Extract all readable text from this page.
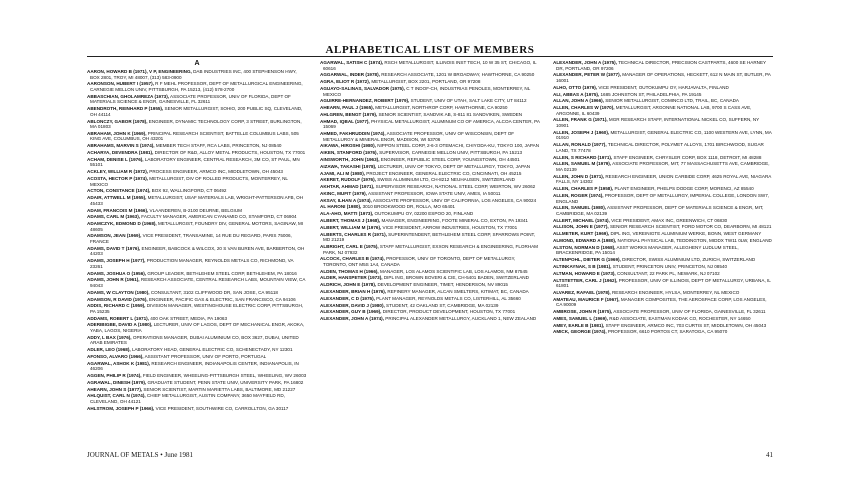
ALPHABETICAL LIST OF MEMBERS
A
AARON, HOWARD B (1971), V P, ENGINEERING, DAB INDUSTRIES INC, 400 STEPHENSON HWY, BOX 2801, TROY, MI 48007, (313) 583-0900
AARONSON, HUBERT I (1957), R F MEHL PROFESSOR, DEPT OF METALLURGICAL ENGINEERING, CARNEGIE MELLON UNIV, PITTSBURGH, PA 15213, (412) 578-2700
ABBASCHIAN, GHOLAMREZA (1973), ASSOCIATE PROFESSOR, UNIV OF FLORIDA, DEPT OF MATERIALS SCIENCE & ENGR, GAINESVILLE, FL 32611
ABENDROTH, REINHARD P (1955), SENIOR METALLURGIST, SOHIO, 200 PUBLIC SQ, CLEVELAND, OH 44114
ABLONCZY, GABOR (1978), ENGINEER, DYNAMIC TECHNOLOGY CORP, 3 STREET, BURLINGTON, MA 01803
ABRAHAM, JOHN K (1969), PRINCIPAL RESEARCH SCIENTIST, BATTELLE COLUMBUS LABS, 505 KING AVE, COLUMBUS, OH 43201
ABRAHAMS, MARVIN S (1974), MEMBER TECH STAFF, RCA LABS, PRINCETON, NJ 08540
ACHARYA, DEVENDRA (1981), DIRECTOR OF R&D, ALLOY METAL PRODUCTS, HOUSTON, TX 77001
ACHAM, DENISE L (1976), LABORATORY ENGINEER, CENTRAL RESEARCH, 3M CO, ST PAUL, MN 55101
ACKLEY, WILLIAM R (1972), PROCESS ENGINEER, ARMCO INC, MIDDLETOWN, OH 45043
ACOSTA, HECTOR P (1974), METALLURGIST, DIV OF ROLLED PRODUCTS, MONTERREY, NL MEXICO
ACTON, CONSTANCE (1974), BOX 92, WALLINGFORD, CT 06492
ADAIR, ATTWELL M (1955), METALLURGIST, USAF MATERIALS LAB, WRIGHT-PATTERSON AFB, OH 45433
ADAM, FRANCOIS M (1966), VLAANDEREN, B-2100 DEURNE, BELGIUM
ADAMS, CARL M (1963), FACULTY MANAGER, AMERICAN CYANAMID CO, STAMFORD, CT 06904
ADAMCZYK, EDMOND D (1968), METALLURGIST, FOUNDRY DIV, GENERAL MOTORS, SAGINAW, MI 48605
ADAMSON, JEAN (1969), VICE PRESIDENT, TRANSAMINE, 14 RUE DU REGARD, PARIS 75006, FRANCE
ADAMS, DAVID T (1976), ENGINEER, BABCOCK & WILCOX, 20 S VAN BUREN AVE, BARBERTON, OH 44203
ADAMS, JOSEPH H (1977), PRODUCTION MANAGER, REYNOLDS METALS CO, RICHMOND, VA 23261
ADAMS, JOSHUA O (1956), GROUP LEADER, BETHLEHEM STEEL CORP, BETHLEHEM, PA 18016
ADAMS, JOHN R (1961), RESEARCH ASSOCIATE, CENTRAL RESEARCH LABS, MOUNTAIN VIEW, CA 94043
ADAMS, W CLAYTON (1980), CONSULTANT, 3102 CLIFFWOOD DR, SAN JOSE, CA 95118
ADAMSON, R DAVID (1976), ENGINEER, PACIFIC GAS & ELECTRIC, SAN FRANCISCO, CA 94106
ADDIS, RICHARD C (1959), DIVISION MANAGER, WESTINGHOUSE ELECTRIC CORP, PITTSBURGH, PA 15235
ADDAMS, ROBERT L (1971), 400 OAK STREET, MEDIA, PA 19063
ADERIBIGBE, DAVID A (1980), LECTURER, UNIV OF LAGOS, DEPT OF MECHANICAL ENGR, AKOKA, YABA, LAGOS, NIGERIA
ADDY, L BAX (1976), OPERATIONS MANAGER, DUBAI ALUMINIUM CO, BOX 3627, DUBAI, UNITED ARAB EMIRATES
ADLER, LEO (1968), LABORATORY HEAD, GENERAL ELECTRIC CO, SCHENECTADY, NY 12301
AFONSO, ALVARO (1966), ASSISTANT PROFESSOR, UNIV OF PORTO, PORTUGAL
AGARWAL, ASHOK K (1981), RESEARCH ENGINEER, INDIANAPOLIS CENTER, INDIANAPOLIS, IN 46206
AGGEN, PHILIP R (1974), FIELD ENGINEER, WHEELING-PITTSBURGH STEEL, WHEELING, WV 26003
AGRAWAL, DINESH (1979), GRADUATE STUDENT, PENN STATE UNIV, UNIVERSITY PARK, PA 16802
AHEARN, JOHN S (1977), SENIOR SCIENTIST, MARTIN MARIETTA LABS, BALTIMORE, MD 21227
AHLQUIST, CARL N (1974), CHIEF METALLURGIST, AUSTIN COMPANY, 3650 MAYFIELD RD, CLEVELAND, OH 44121
AHLSTROM, JOSEPH P (1966), VICE PRESIDENT, SOUTHWIRE CO, CARROLLTON, GA 30117
AGARWAL, SATISH C (1974), RSCH METALLURGIST, ILLINOIS INST TECH, 10 W 35 ST, CHICAGO, IL 60616
AGGARWAL, INDER (1978), RESEARCH ASSOCIATE, 1201 W BROADWAY, HAWTHORNE, CA 90250
AGRA, ELIOT R (1972), METALLURGIST, BOX 2201, PORTLAND, OR 97208
AGUAYO-SALINAS, SALVADOR (1975), C T INDOF-CH, INDUSTRIAS PENOLES, MONTERREY, NL MEXICO
AGUIRRE-HERNANDEZ, ROBERT (1979), STUDENT, UNIV OF UTAH, SALT LAKE CITY, UT 84112
AHEARN, PAUL J (1965), METALLURGIST, NORTHROP CORP, HAWTHORNE, CA 90250
AHLGREN, BENGT (1979), SENIOR SCIENTIST, SANDVIK AB, S-811 81 SANDVIKEN, SWEDEN
AHMAD, IQBAL (1977), PHYSICAL METALLURGIST, ALUMINUM CO OF AMERICA, ALCOA CENTER, PA 15069
AHMED, FAKHRUDDIN (1974), ASSOCIATE PROFESSOR, UNIV OF WISCONSIN, DEPT OF METALLURGY & MINERAL ENGR, MADISON, WI 53706
AIKAWA, HIROSHI (1980), NIPPON STEEL CORP, 2-6-3 OTEMACHI, CHIYODA-KU, TOKYO 100, JAPAN
AIKEN, STANFORD (1976), SUPERVISOR, CARNEGIE MELLON UNIV, PITTSBURGH, PA 15213
AINSWORTH, JOHN (1963), ENGINEER, REPUBLIC STEEL CORP, YOUNGSTOWN, OH 44501
AIZAWA, TAKASHI (1978), LECTURER, UNIV OF TOKYO, DEPT OF METALLURGY, TOKYO, JAPAN
AJAMI, ALI M (1980), PROJECT ENGINEER, GENERAL ELECTRIC CO, CINCINNATI, OH 45215
AKERET, RUDOLF (1976), SWISS ALUMINIUM LTD, CH-8212 NEUHAUSEN, SWITZERLAND
AKHTAR, AHMAD (1971), SUPERVISOR RESEARCH, NATIONAL STEEL CORP, WEIRTON, WV 26062
AKINC, MUFIT (1979), ASSISTANT PROFESSOR, IOWA STATE UNIV, AMES, IA 50011
AKSAY, ILHAN A (1974), ASSOCIATE PROFESSOR, UNIV OF CALIFORNIA, LOS ANGELES, CA 90024
AL HARONI (1980), 3010 BROOKWOOD DR, ROLLA, MO 65401
ALA-AHO, MATTI (1973), OUTOKUMPU OY, 02200 ESPOO 20, FINLAND
ALBERT, THOMAS J (1968), MANAGER, ENGINEERING, FOOTE MINERAL CO, EXTON, PA 19341
ALBERT, WILLIAM M (1976), VICE PRESIDENT, ARROW INDUSTRIES, HOUSTON, TX 77001
ALBERTS, CHARLES R (1971), SUPERINTENDENT, BETHLEHEM STEEL CORP, SPARROWS POINT, MD 21219
ALBRIGHT, CARL E (1975), STAFF METALLURGIST, EXXON RESEARCH & ENGINEERING, FLORHAM PARK, NJ 07932
ALCOCK, CHARLES B (1974), PROFESSOR, UNIV OF TORONTO, DEPT OF METALLURGY, TORONTO, ONT M5S 1A4, CANADA
ALDEN, THOMAS H (1966), MANAGER, LOS ALAMOS SCIENTIFIC LAB, LOS ALAMOS, NM 87545
ALDER, HANSPETER (1973), DIPL ING, BROWN BOVERI & CIE, CH-5401 BADEN, SWITZERLAND
ALDRICH, JOHN E (1978), DEVELOPMENT ENGINEER, TIMET, HENDERSON, NV 89015
ALEXANDER, BRIAN H (1976), REFINERY MANAGER, ALCAN SMELTERS, KITIMAT, BC, CANADA
ALEXANDER, C D (1975), PLANT MANAGER, REYNOLDS METALS CO, LISTERHILL, AL 35660
ALEXANDER, DAVID J (1980), STUDENT, 42 OAKLAND ST, CAMBRIDGE, MA 02139
ALEXANDER, GUY B (1969), DIRECTOR, PRODUCT DEVELOPMENT, HOUSTON, TX 77001
ALEXANDER, JOHN A (1974), PRINCIPAL ALEXANDER METALLURGY, AUCKLAND 1, NEW ZEALAND
ALEXANDER, JOHN A (1975), TECHNICAL DIRECTOR, PRECISION CASTPARTS, 4600 SE HARNEY DR, PORTLAND, OR 97206
ALEXANDER, PETER W (1977), MANAGER OF OPERATIONS, HECKETT, 612 N MAIN ST, BUTLER, PA 16001
ALHO, OTTO (1979), VICE PRESIDENT, OUTOKUMPU OY, HARJAVALTA, FINLAND
ALI, ABBAS A (1975), 1685 JOHNSTON ST, PHILADELPHIA, PA 19145
ALLAN, JOHN A (1966), SENIOR METALLURGIST, COMINCO LTD, TRAIL, BC, CANADA
ALLEN, CHARLES W (1970), METALLURGIST, ARGONNE NATIONAL LAB, 9700 S CASS AVE, ARGONNE, IL 60439
ALLEN, FRANK G (1971), MGR RESEARCH STAFF, INTERNATIONAL NICKEL CO, SUFFERN, NY 10901
ALLEN, JOSEPH J (1960), METALLURGIST, GENERAL ELECTRIC CO, 1100 WESTERN AVE, LYNN, MA 01910
ALLAN, RONALD (1977), TECHNICAL DIRECTOR, POLYMET ALLOYS, 1701 BIRCHWOOD, SUGAR LAND, TX 77478
ALLEN, S RICHARD (1971), STAFF ENGINEER, CHRYSLER CORP, BOX 1118, DETROIT, MI 48288
ALLEN, SAMUEL M (1979), ASSOCIATE PROFESSOR, MIT, 77 MASSACHUSETTS AVE, CAMBRIDGE, MA 02139
ALLEN, JOHN D (1971), RESEARCH ENGINEER, UNION CARBIDE CORP, 4625 ROYAL AVE, NIAGARA FALLS, NY 14302
ALLEN, CHARLES P (1958), PLANT ENGINEER, PHELPS DODGE CORP, MORENCI, AZ 85540
ALLEN, ROGER (1974), PROFESSOR, DEPT OF METALLURGY, IMPERIAL COLLEGE, LONDON SW7, ENGLAND
ALLEN, SAMUEL (1980), ASSISTANT PROFESSOR, DEPT OF MATERIALS SCIENCE & ENGR, MIT, CAMBRIDGE, MA 02139
ALLERT, MICHAEL (1974), VICE PRESIDENT, AMAX INC, GREENWICH, CT 06830
ALLISON, JOHN E (1977), SENIOR RESEARCH SCIENTIST, FORD MOTOR CO, DEARBORN, MI 48121
ALLMETER, KURT (1969), DIPL ING, VEREINIGTE ALUMINIUM WERKE, BONN, WEST GERMANY
ALMOND, EDWARD A (1980), NATIONAL PHYSICAL LAB, TEDDINGTON, MIDDX TW11 0LW, ENGLAND
ALSTON, NORMAN D (1968), ASST WORKS MANAGER, ALLEGHENY LUDLUM STEEL, BRACKENRIDGE, PA 15014
ALTENPOHL, DIETER G (1969), DIRECTOR, SWISS ALUMINIUM LTD, ZURICH, SWITZERLAND
ALTINKAYNAK, S B (1981), STUDENT, PRINCETON UNIV, PRINCETON, NJ 08540
ALTMAN, HOWARD E (1973), CONSULTANT, 22 PARK PL, NEWARK, NJ 07102
ALTSTETTER, CARL J (1962), PROFESSOR, UNIV OF ILLINOIS, DEPT OF METALLURGY, URBANA, IL 61801
ALVAREZ, RAFAEL (1978), RESEARCH ENGINEER, HYLSA, MONTERREY, NL MEXICO
AMATEAU, MAURICE F (1967), MANAGER COMPOSITES, THE AEROSPACE CORP, LOS ANGELES, CA 90009
AMBROSE, JOHN R (1975), ASSOCIATE PROFESSOR, UNIV OF FLORIDA, GAINESVILLE, FL 32611
AMES, SAMUEL L (1969), R&D ASSOCIATE, EASTMAN KODAK CO, ROCHESTER, NY 14650
AMEY, EARLE B (1981), STAFF ENGINEER, ARMCO INC, 703 CURTIS ST, MIDDLETOWN, OH 45043
AMICK, GEORGE (1974), PROFESSOR, 6610 PORTOS CT, SARATOGA, CA 95070
JOURNAL OF METALS • June 1981	41
